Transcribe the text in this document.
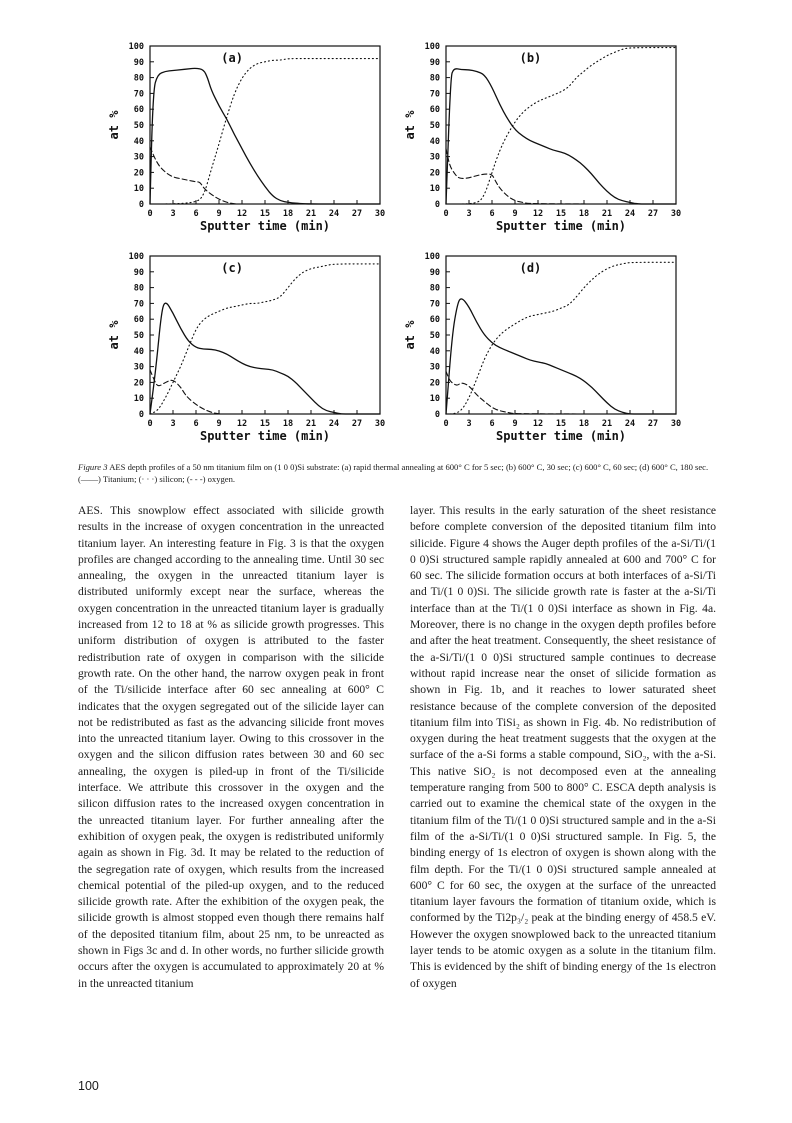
0
10
20
30
40
50
60
70
80
90
100
0 3 6 9 12 15 18 21 24 27 30
Sputter time (min)
at %
(a)
0
10
20
30
40
50
60
70
80
90
100
0 3 6 9 12 15 18 21 24 27 30
Sputter time (min)
at %
(b)
0
10
20
30
40
50
60
70
80
90
100
0 3 6 9 12 15 18 21 24 27 30
Sputter time (min)
at %
(c)
0
10
20
30
40
50
60
70
80
90
100
0 3 6 9 12 15 18 21 24 27 30
Sputter time (min)
at %
(d)
Figure 3 AES depth profiles of a 50 nm titanium film on (1 0 0)Si substrate: (a) rapid thermal annealing at 600° C for 5 sec; (b) 600° C, 30 sec; (c) 600° C, 60 sec; (d) 600° C, 180 sec. (——) Titanium; (· · ·) silicon; (- - -) oxygen.
AES. This snowplow effect associated with silicide growth results in the increase of oxygen concentration in the unreacted titanium layer. An interesting feature in Fig. 3 is that the oxygen profiles are changed according to the annealing time. Until 30 sec annealing, the oxygen in the unreacted titanium layer is distributed uniformly except near the surface, whereas the oxygen concentration in the unreacted titanium layer is gradually increased from 12 to 18 at % as silicide growth progresses. This uniform distribution of oxygen is attributed to the faster redistribution rate of oxygen in comparison with the silicide growth rate. On the other hand, the narrow oxygen peak in front of the Ti/silicide interface after 60 sec annealing at 600° C indicates that the oxygen segregated out of the silicide layer can not be redistributed as fast as the advancing silicide front moves into the unreacted titanium layer. Owing to this crossover in the oxygen and the silicon diffusion rates between 30 and 60 sec annealing, the oxygen is piled-up in front of the Ti/silicide interface. We attribute this crossover in the oxygen and the silicon diffusion rates to the increased oxygen concentration in the unreacted titanium layer. For further annealing after the exhibition of oxygen peak, the oxygen is redistributed uniformly again as shown in Fig. 3d. It may be related to the reduction of the segregation rate of oxygen, which results from the increased chemical potential of the piled-up oxygen, and to the reduced silicide growth rate. After the exhibition of the oxygen peak, the silicide growth is almost stopped even though there remains half of the deposited titanium film, about 25 nm, to be unreacted as shown in Figs 3c and d. In other words, no further silicide growth occurs after the oxygen is accumulated to approximately 20 at % in the unreacted titanium
layer. This results in the early saturation of the sheet resistance before complete conversion of the deposited titanium film into silicide. Figure 4 shows the Auger depth profiles of the a-Si/Ti/(1 0 0)Si structured sample rapidly annealed at 600 and 700° C for 60 sec. The silicide formation occurs at both interfaces of a-Si/Ti and Ti/(1 0 0)Si. The silicide growth rate is faster at the a-Si/Ti interface than at the Ti/(1 0 0)Si interface as shown in Fig. 4a. Moreover, there is no change in the oxygen depth profiles before and after the heat treatment. Consequently, the sheet resistance of the a-Si/Ti/(1 0 0)Si structured sample continues to decrease without rapid increase near the onset of silicide formation as shown in Fig. 1b, and it reaches to lower saturated sheet resistance because of the complete conversion of the deposited titanium film into TiSi₂ as shown in Fig. 4b. No redistribution of oxygen during the heat treatment suggests that the oxygen at the surface of the a-Si forms a stable compound, SiO₂, with the a-Si. This native SiO₂ is not decomposed even at the annealing temperature ranging from 500 to 800° C. ESCA depth analysis is carried out to examine the chemical state of the oxygen in the titanium film of the Ti/(1 0 0)Si structured sample and in the a-Si film of the a-Si/Ti/(1 0 0)Si structured sample. In Fig. 5, the binding energy of 1s electron of oxygen is shown along with the film depth. For the Ti/(1 0 0)Si structured sample annealed at 600° C for 60 sec, the oxygen at the surface of the unreacted titanium layer favours the formation of titanium oxide, which is conformed by the Ti2p₃/₂ peak at the binding energy of 458.5 eV. However the oxygen snowplowed back to the unreacted titanium layer tends to be atomic oxygen as a solute in the titanium film. This is evidenced by the shift of binding energy of the 1s electron of oxygen
100
